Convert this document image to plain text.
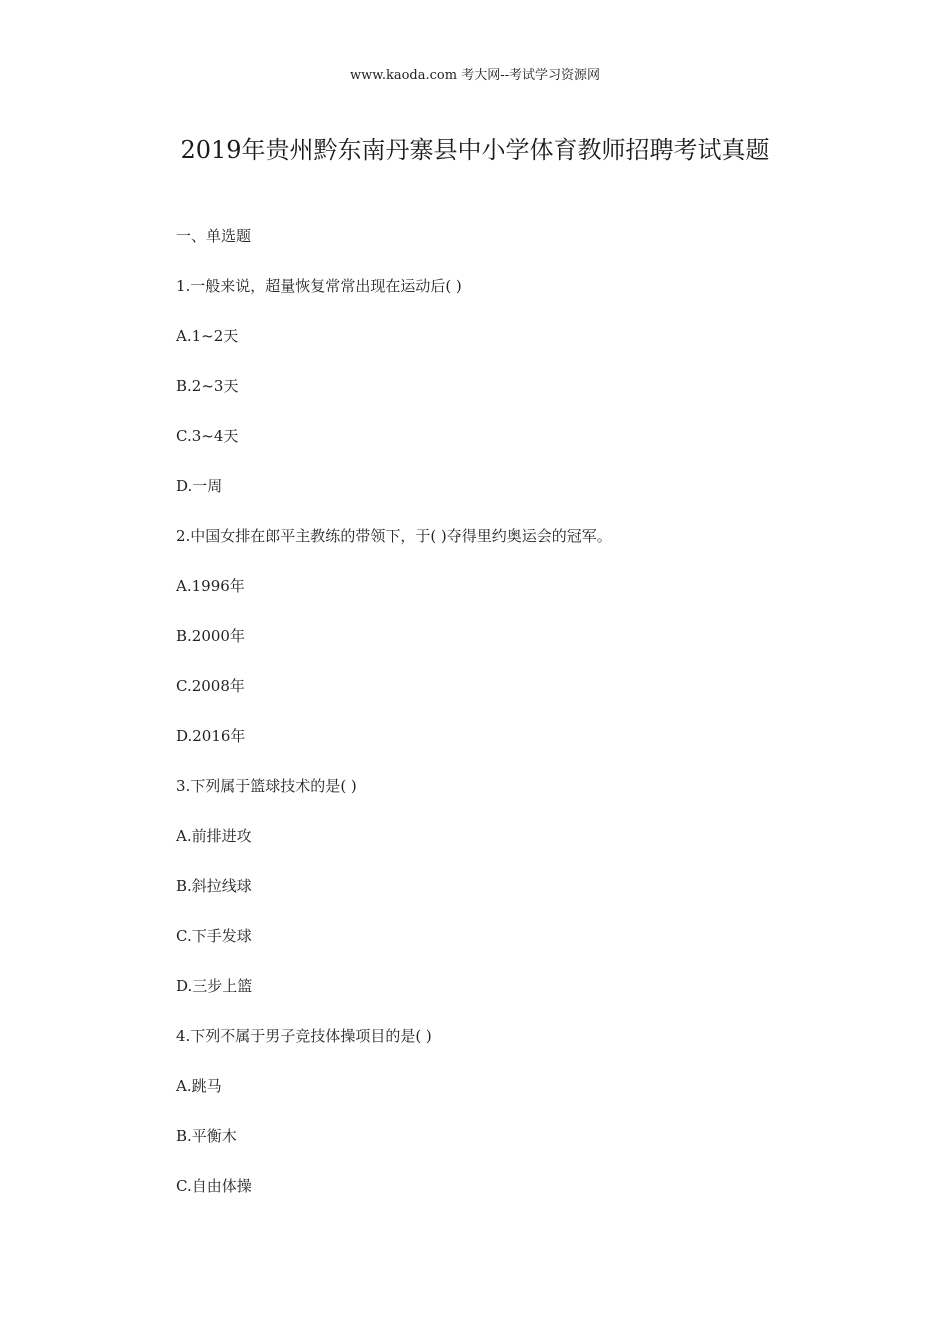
www.kaoda.com 考大网--考试学习资源网
2019年贵州黔东南丹寨县中小学体育教师招聘考试真题
一、单选题
1.一般来说，超量恢复常常出现在运动后( )
A.1~2天
B.2~3天
C.3~4天
D.一周
2.中国女排在郎平主教练的带领下，于( )夺得里约奥运会的冠军。
A.1996年
B.2000年
C.2008年
D.2016年
3.下列属于篮球技术的是( )
A.前排进攻
B.斜拉线球
C.下手发球
D.三步上篮
4.下列不属于男子竞技体操项目的是( )
A.跳马
B.平衡木
C.自由体操
